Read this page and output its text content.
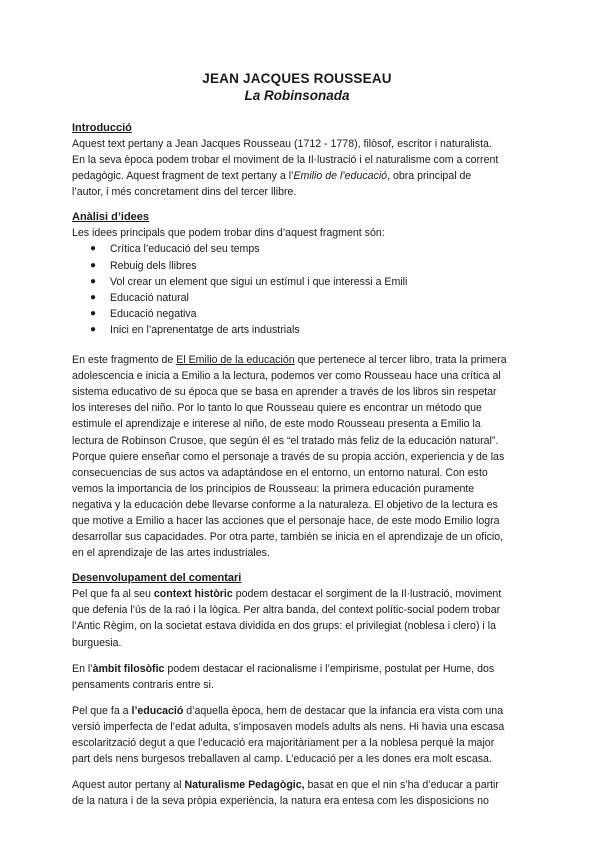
JEAN JACQUES ROUSSEAU
La Robinsonada
Introducció

Aquest text pertany a Jean Jacques Rousseau (1712 - 1778), filòsof, escritor i naturalista.

En la seva època podem trobar el moviment de la Il·lustració i el naturalisme com a corrent

pedagògic. Aquest fragment de text pertany a l’Emilio de l’educació, obra principal de

l’autor, i més concretament dins del tercer llibre.

Anàlisi d’idees

Les idees principals que podem trobar dins d’aquest fragment són:

● Crítica l’educació del seu temps
● Rebuig dels llibres
● Vol crear un element que sigui un estímul i que interessi a Emili
● Educació natural
● Educació negativa
● Inici en l’aprenentatge de arts industrials

En este fragmento de El Emilio de la educación que pertenece al tercer libro, trata la primera

adolescencia e inicia a Emilio a la lectura, podemos ver como Rousseau hace una crítica al

sistema educativo de su época que se basa en aprender a través de los libros sin respetar

los intereses del niño. Por lo tanto lo que Rousseau quiere es encontrar un método que

estimule el aprendizaje e interese al niño, de este modo Rousseau presenta a Emilio la

lectura de Robinson Crusoe, que según él es “el tratado más feliz de la educación natural”.

Porque quiere enseñar como el personaje a través de su propia acción, experiencia y de las

consecuencias de sus actos va adaptándose en el entorno, un entorno natural. Con esto

vemos la importancia de los principios de Rousseau: la primera educación puramente

negativa y la educación debe llevarse conforme a la naturaleza. El objetivo de la lectura es

que motive a Emilio a hacer las acciones que el personaje hace, de este modo Emilio logra

desarrollar sus capacidades. Por otra parte, también se inicia en el aprendizaje de un oficio,

en el aprendizaje de las artes industriales.

Desenvolupament del comentari

Pel que fa al seu context històric podem destacar el sorgiment de la Il·lustració, moviment

que defenia l’ús de la raó i la lògica. Per altra banda, del context polític-social podem trobar

l’Antic Règim, on la societat estava dividida en dos grups: el privilegiat (noblesa i clero) i la

burguesia.

En l’àmbit filosòfic podem destacar el racionalisme i l’empirisme, postulat per Hume, dos

pensaments contraris entre si.

Pel que fa a l’educació d’aquella època, hem de destacar que la infancia era vista com una

versió imperfecta de l’edat adulta, s’imposaven models adults als nens. Hi havia una escasa

escolarització degut a que l’educació era majoritàriament per a la noblesa perquè la major

part dels nens burgesos treballaven al camp. L’educació per a les dones era molt escasa.

Aquest autor pertany al Naturalisme Pedagògic, basat en que el nin s’ha d’educar a partir

de la natura i de la seva pròpia experiència, la natura era entesa com les disposicions no
